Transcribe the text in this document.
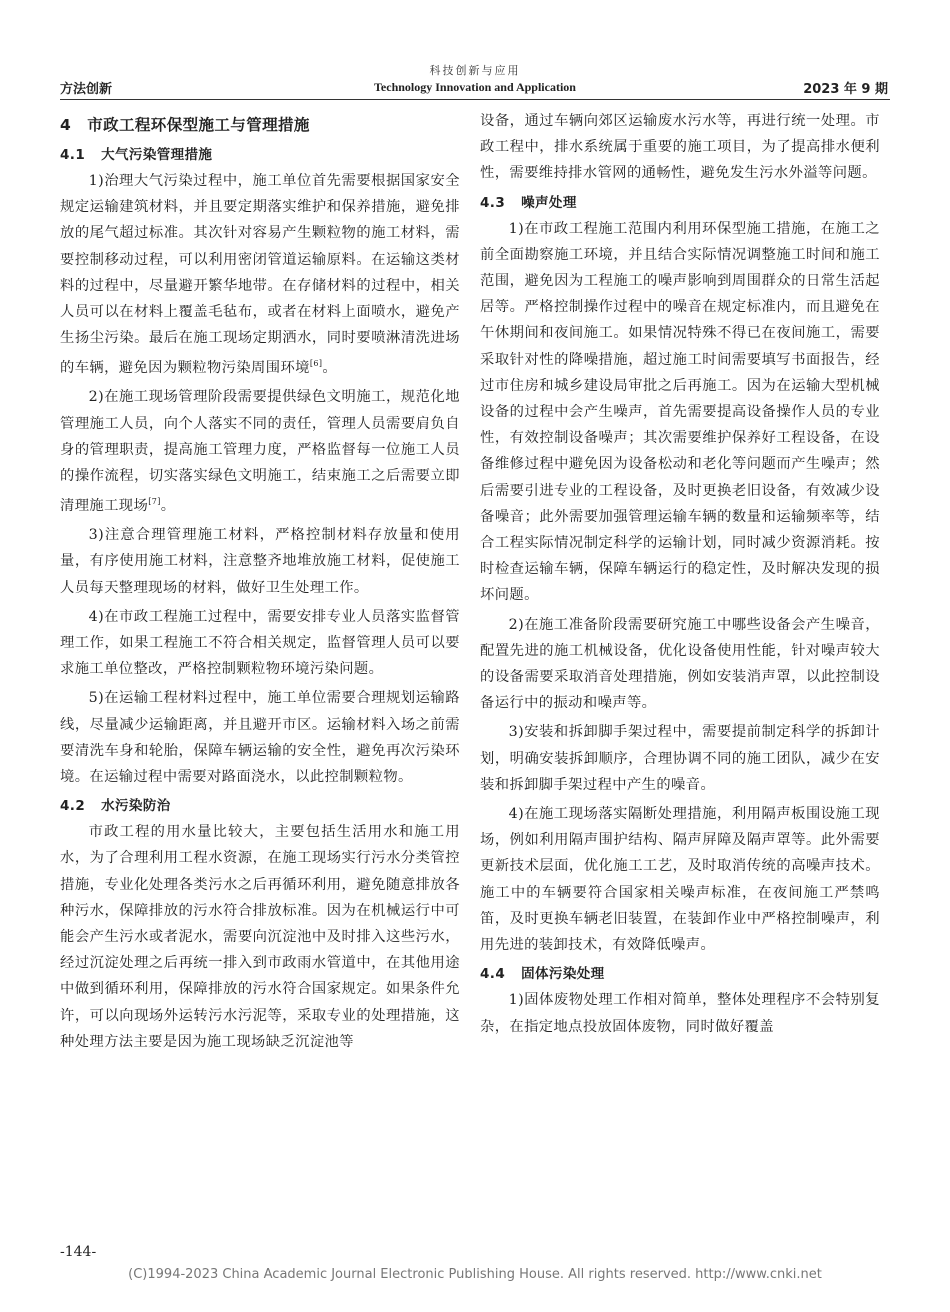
科技创新与应用
方法创新	Technology Innovation and Application	2023 年 9 期
4 市政工程环保型施工与管理措施
4.1 大气污染管理措施

1)治理大气污染过程中，施工单位首先需要根据国家安全规定运输建筑材料，并且要定期落实维护和保养措施，避免排放的尾气超过标准。其次针对容易产生颗粒物的施工材料，需要控制移动过程，可以利用密闭管道运输原料。在运输这类材料的过程中，尽量避开繁华地带。在存储材料的过程中，相关人员可以在材料上覆盖毛毡布，或者在材料上面喷水，避免产生扬尘污染。最后在施工现场定期洒水，同时要喷淋清洗进场的车辆，避免因为颗粒物污染周围环境[6]。

2)在施工现场管理阶段需要提供绿色文明施工，规范化地管理施工人员，向个人落实不同的责任，管理人员需要肩负自身的管理职责，提高施工管理力度，严格监督每一位施工人员的操作流程，切实落实绿色文明施工，结束施工之后需要立即清理施工现场[7]。

3)注意合理管理施工材料，严格控制材料存放量和使用量，有序使用施工材料，注意整齐地堆放施工材料，促使施工人员每天整理现场的材料，做好卫生处理工作。

4)在市政工程施工过程中，需要安排专业人员落实监督管理工作，如果工程施工不符合相关规定，监督管理人员可以要求施工单位整改，严格控制颗粒物环境污染问题。

5)在运输工程材料过程中，施工单位需要合理规划运输路线，尽量减少运输距离，并且避开市区。运输材料入场之前需要清洗车身和轮胎，保障车辆运输的安全性，避免再次污染环境。在运输过程中需要对路面浇水，以此控制颗粒物。

4.2 水污染防治

市政工程的用水量比较大，主要包括生活用水和施工用水，为了合理利用工程水资源，在施工现场实行污水分类管控措施，专业化处理各类污水之后再循环利用，避免随意排放各种污水，保障排放的污水符合排放标准。因为在机械运行中可能会产生污水或者泥水，需要向沉淀池中及时排入这些污水，经过沉淀处理之后再统一排入到市政雨水管道中，在其他用途中做到循环利用，保障排放的污水符合国家规定。如果条件允许，可以向现场外运转污水污泥等，采取专业的处理措施，这种处理方法主要是因为施工现场缺乏沉淀池等

设备，通过车辆向郊区运输废水污水等，再进行统一处理。市政工程中，排水系统属于重要的施工项目，为了提高排水便利性，需要维持排水管网的通畅性，避免发生污水外溢等问题。

4.3 噪声处理

1)在市政工程施工范围内利用环保型施工措施，在施工之前全面勘察施工环境，并且结合实际情况调整施工时间和施工范围，避免因为工程施工的噪声影响到周围群众的日常生活起居等。严格控制操作过程中的噪音在规定标准内，而且避免在午休期间和夜间施工。如果情况特殊不得已在夜间施工，需要采取针对性的降噪措施，超过施工时间需要填写书面报告，经过市住房和城乡建设局审批之后再施工。因为在运输大型机械设备的过程中会产生噪声，首先需要提高设备操作人员的专业性，有效控制设备噪声；其次需要维护保养好工程设备，在设备维修过程中避免因为设备松动和老化等问题而产生噪声；然后需要引进专业的工程设备，及时更换老旧设备，有效减少设备噪音；此外需要加强管理运输车辆的数量和运输频率等，结合工程实际情况制定科学的运输计划，同时减少资源消耗。按时检查运输车辆，保障车辆运行的稳定性，及时解决发现的损坏问题。

2)在施工准备阶段需要研究施工中哪些设备会产生噪音，配置先进的施工机械设备，优化设备使用性能，针对噪声较大的设备需要采取消音处理措施，例如安装消声罩，以此控制设备运行中的振动和噪声等。

3)安装和拆卸脚手架过程中，需要提前制定科学的拆卸计划，明确安装拆卸顺序，合理协调不同的施工团队，减少在安装和拆卸脚手架过程中产生的噪音。

4)在施工现场落实隔断处理措施，利用隔声板围设施工现场，例如利用隔声围护结构、隔声屏障及隔声罩等。此外需要更新技术层面，优化施工工艺，及时取消传统的高噪声技术。施工中的车辆要符合国家相关噪声标准，在夜间施工严禁鸣笛，及时更换车辆老旧装置，在装卸作业中严格控制噪声，利用先进的装卸技术，有效降低噪声。

4.4 固体污染处理

1)固体废物处理工作相对简单，整体处理程序不会特别复杂，在指定地点投放固体废物，同时做好覆盖

-144-
(C)1994-2023 China Academic Journal Electronic Publishing House. All rights reserved. http://www.cnki.net
